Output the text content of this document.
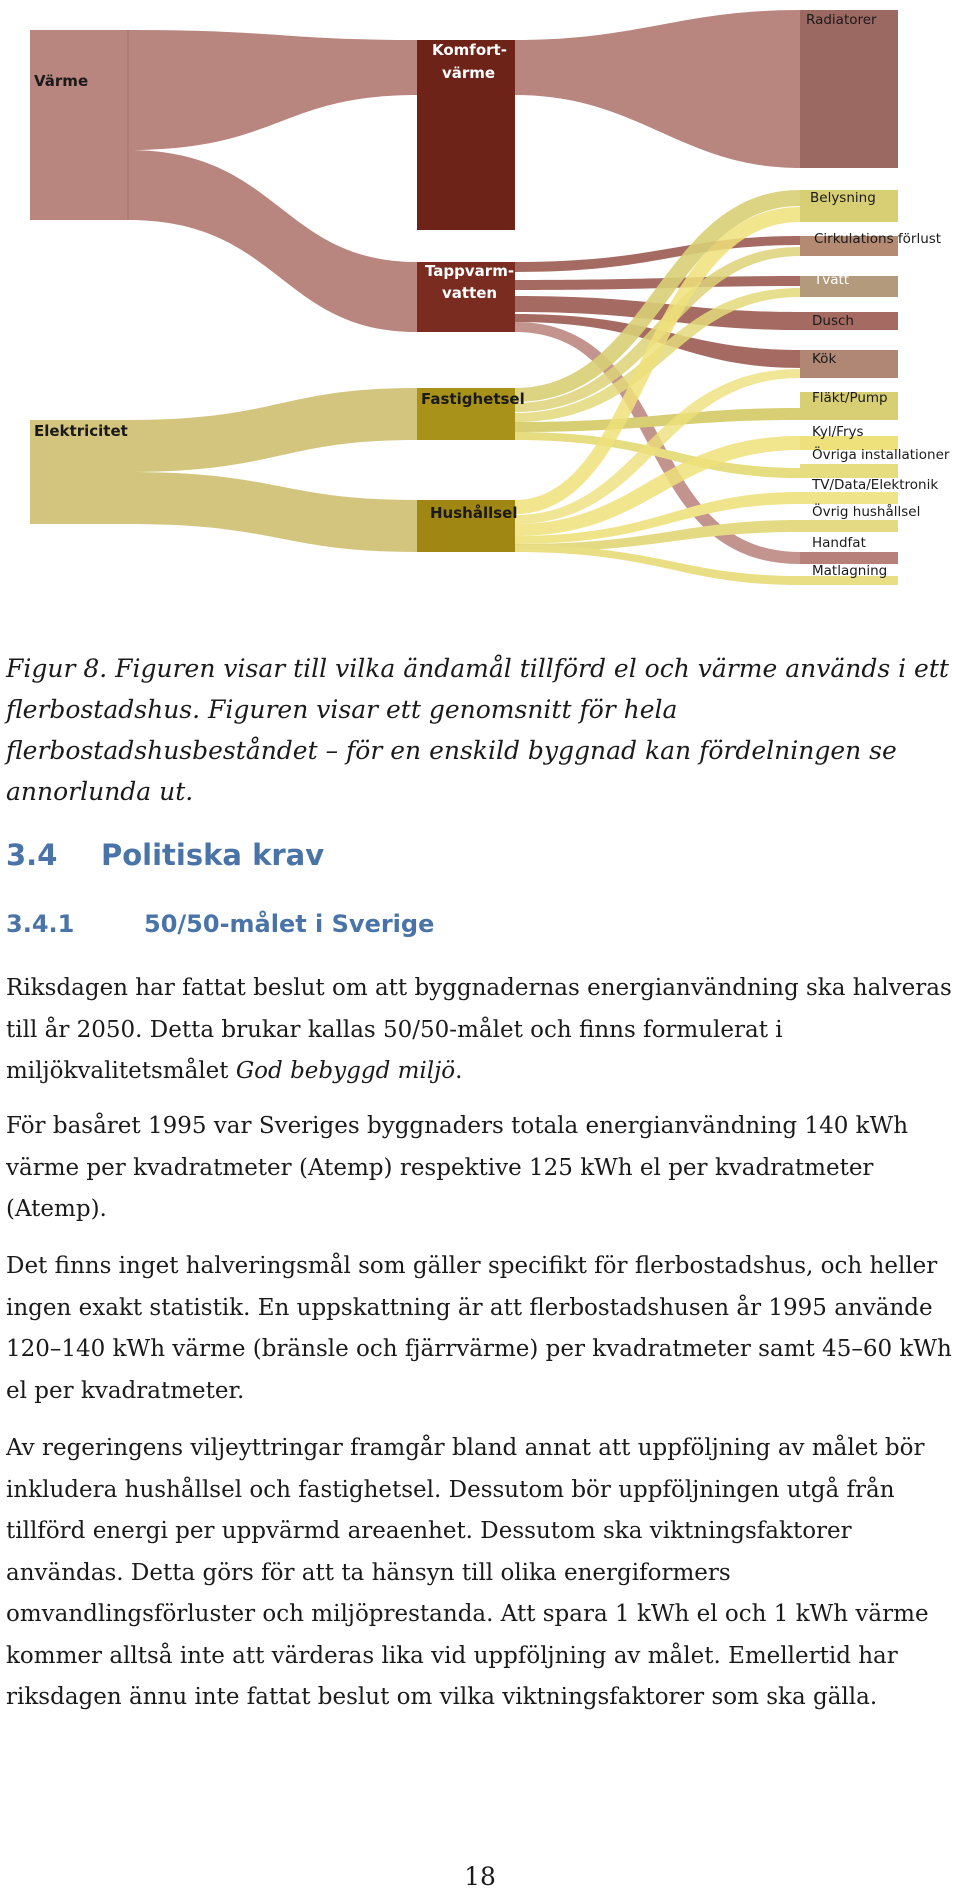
Värme
Elektricitet
Komfort-
värme
Tappvarm-
vatten
Fastighetsel
Hushållsel
Radiatorer
Belysning
Cirkulations förlust
Tvätt
Dusch
Kök
Fläkt/Pump
Kyl/Frys
Övriga installationer
TV/Data/Elektronik
Övrig hushållsel
Handfat
Matlagning
Figur 8. Figuren visar till vilka ändamål tillförd el och värme används i ett flerbostadshus. Figuren visar ett genomsnitt för hela flerbostadshusbeståndet – för en enskild byggnad kan fördelningen se annorlunda ut.
3.4 Politiska krav
3.4.1	50/50-målet i Sverige
Riksdagen har fattat beslut om att byggnadernas energianvändning ska halveras till år 2050. Detta brukar kallas 50/50-målet och finns formulerat i miljökvalitetsmålet God bebyggd miljö.
För basåret 1995 var Sveriges byggnaders totala energianvändning 140 kWh värme per kvadratmeter (Atemp) respektive 125 kWh el per kvadratmeter (Atemp).
Det finns inget halveringsmål som gäller specifikt för flerbostadshus, och heller ingen exakt statistik. En uppskattning är att flerbostadshusen år 1995 använde 120–140 kWh värme (bränsle och fjärrvärme) per kvadratmeter samt 45–60 kWh el per kvadratmeter.
Av regeringens viljeyttringar framgår bland annat att uppföljning av målet bör inkludera hushållsel och fastighetsel. Dessutom bör uppföljningen utgå från tillförd energi per uppvärmd areaenhet. Dessutom ska viktningsfaktorer användas. Detta görs för att ta hänsyn till olika energiformers omvandlingsförluster och miljöprestanda. Att spara 1 kWh el och 1 kWh värme kommer alltså inte att värderas lika vid uppföljning av målet. Emellertid har riksdagen ännu inte fattat beslut om vilka viktningsfaktorer som ska gälla.
18
